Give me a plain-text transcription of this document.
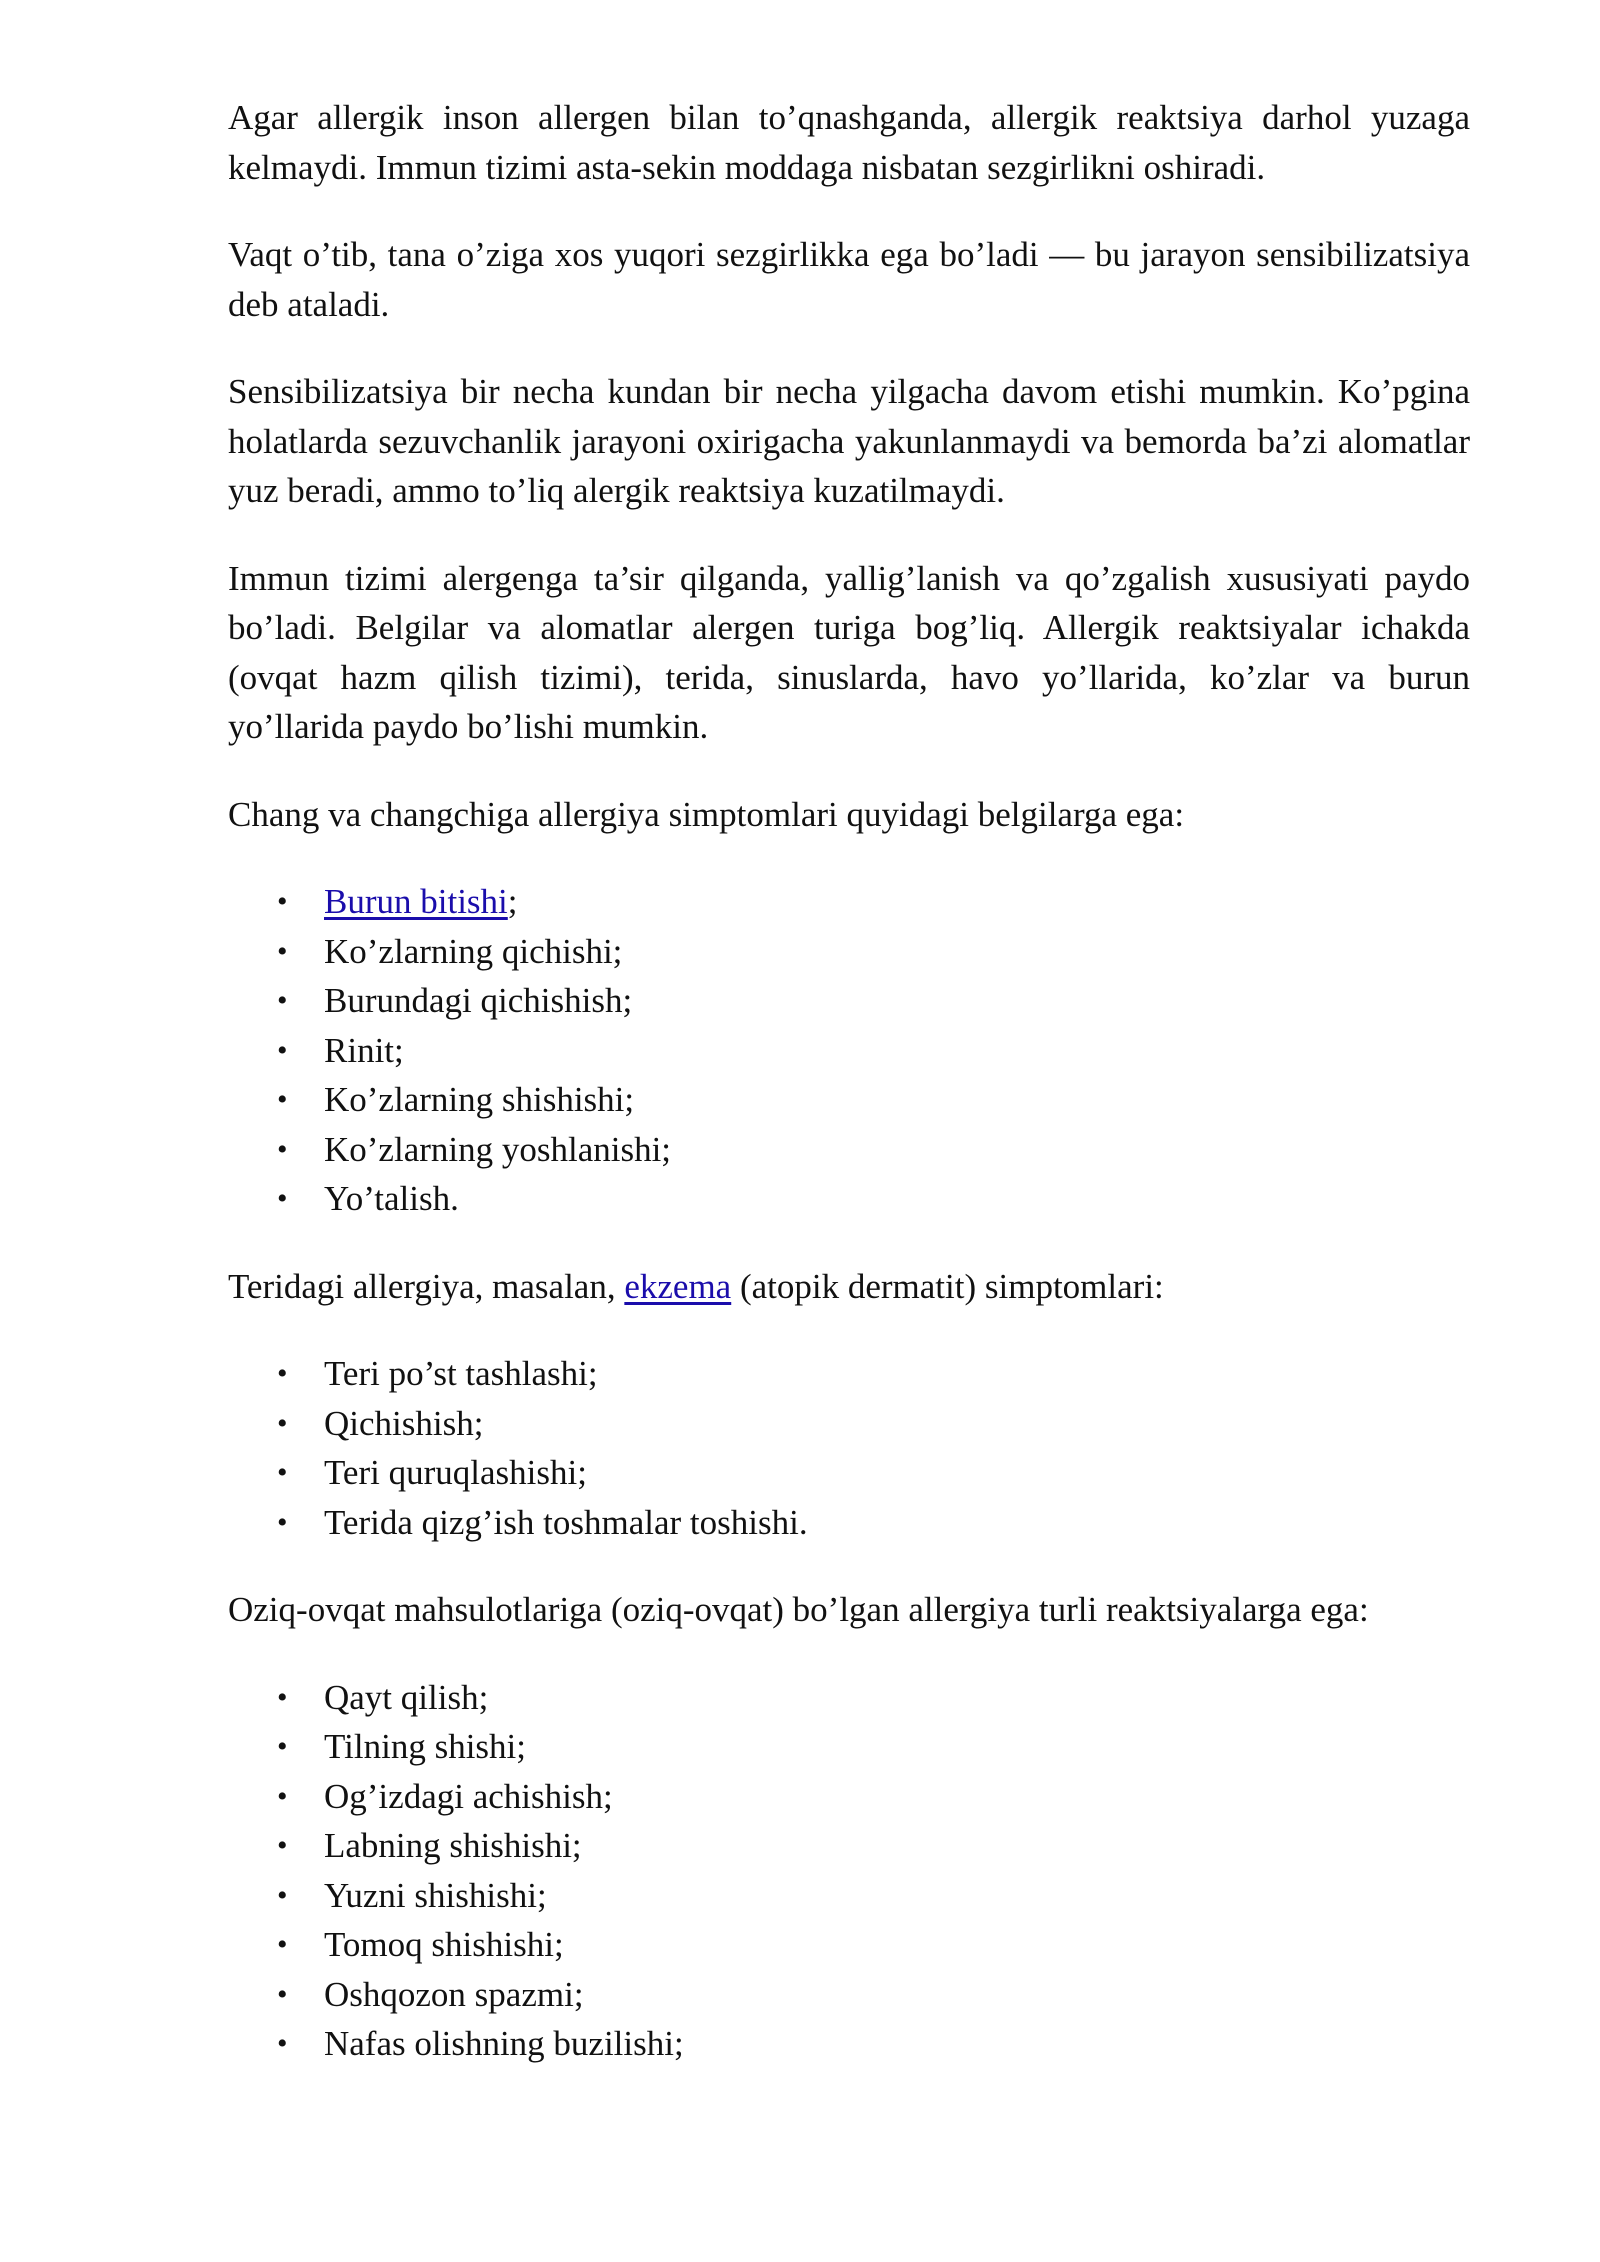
Agar allergik inson allergen bilan to’qnashganda, allergik reaktsiya darhol yuzaga kelmaydi. Immun tizimi asta-sekin moddaga nisbatan sezgirlikni oshiradi.

Vaqt o’tib, tana o’ziga xos yuqori sezgirlikka ega bo’ladi — bu jarayon sensibilizatsiya deb ataladi.

Sensibilizatsiya bir necha kundan bir necha yilgacha davom etishi mumkin. Ko’pgina holatlarda sezuvchanlik jarayoni oxirigacha yakunlanmaydi va bemorda ba’zi alomatlar yuz beradi, ammo to’liq alergik reaktsiya kuzatilmaydi.

Immun tizimi alergenga ta’sir qilganda, yallig’lanish va qo’zgalish xususiyati paydo bo’ladi. Belgilar va alomatlar alergen turiga bog’liq. Allergik reaktsiyalar ichakda (ovqat hazm qilish tizimi), terida, sinuslarda, havo yo’llarida, ko’zlar va burun yo’llarida paydo bo’lishi mumkin.

Chang va changchiga allergiya simptomlari quyidagi belgilarga ega:

• Burun bitishi;
• Ko’zlarning qichishi;
• Burundagi qichishish;
• Rinit;
• Ko’zlarning shishishi;
• Ko’zlarning yoshlanishi;
• Yo’talish.

Teridagi allergiya, masalan, ekzema (atopik dermatit) simptomlari:

• Teri po’st tashlashi;
• Qichishish;
• Teri quruqlashishi;
• Terida qizg’ish toshmalar toshishi.

Oziq-ovqat mahsulotlariga (oziq-ovqat) bo’lgan allergiya turli reaktsiyalarga ega:

• Qayt qilish;
• Tilning shishi;
• Og’izdagi achishish;
• Labning shishishi;
• Yuzni shishishi;
• Tomoq shishishi;
• Oshqozon spazmi;
• Nafas olishning buzilishi;
